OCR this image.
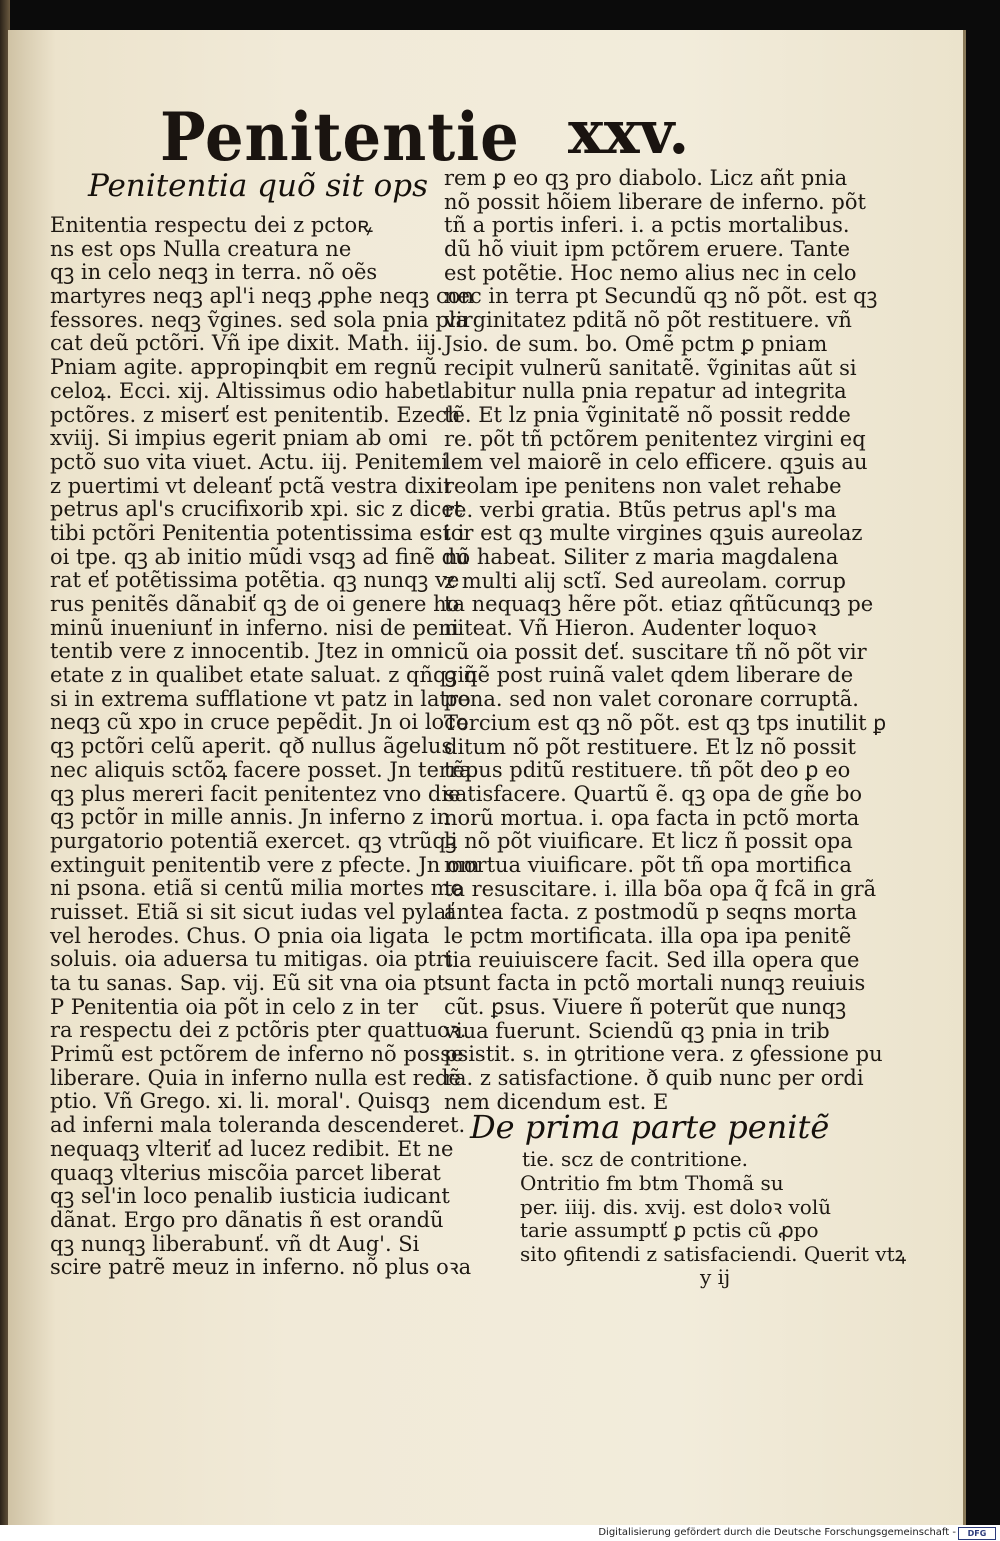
Penitentie xxv.
Penitentia quõ sit ops
Enitentia respectu dei z pctoꝶ
ns est ops Nulla creatura ne
qꝫ in celo neqꝫ in terra. nõ oẽs
martyres neqꝫ apl'i neqꝫ ꝓphe neqꝫ con
fessores. neqꝫ ṽgines. sed sola pnia pla
cat deũ pctõri. Vñ ipe dixit. Math. iij.
Pniam agite. appropinqbit em regnũ
celoꝝ. Ecci. xij. Altissimus odio habet
pctõres. z miserť est penitentib. Ezech
xviij. Si impius egerit pniam ab omi
pctõ suo vita viuet. Actu. iij. Penitemi
z puertimi vt deleanť pctã vestra dixit
petrus apl's crucifixorib xpi. sic z dicet
tibi pctõri Penitentia potentissima est i
oi tpe. qꝫ ab initio mũdi vsqꝫ ad finẽ du
rat eť potẽtissima potẽtia. qꝫ nunqꝫ ve
rus penitẽs dãnabiť qꝫ de oi genere ho
minũ inueniunť in inferno. nisi de peni
tentib vere z innocentib. Jtez in omni
etate z in qualibet etate saluat. z qñqꝫ q̃
si in extrema sufflatione vt patz in latro
neqꝫ cũ xpo in cruce pepẽdit. Jn oi loco
qꝫ pctõri celũ aperit. qð nullus ãgelus
nec aliquis sctõꝝ facere posset. Jn terra
qꝫ plus mereri facit penitentez vno die
qꝫ pctõr in mille annis. Jn inferno z in
purgatorio potentiã exercet. qꝫ vtrũqꝫ
extinguit penitentib vere z pfecte. Jn om
ni psona. etiã si centũ milia mortes me
ruisset. Etiã si sit sicut iudas vel pylať
vel herodes. Chus. O pnia oia ligata
soluis. oia aduersa tu mitigas. oia ptri
ta tu sanas. Sap. vij. Eũ sit vna oia pt
P Penitentia oia põt in celo z in ter
ra respectu dei z pctõris pter quattuoꝛ.
Primũ est pctõrem de inferno nõ posse
liberare. Quia in inferno nulla est redẽ
ptio. Vñ Grego. xi. li. moral'. Quisqꝫ
ad inferni mala toleranda descenderet.
nequaqꝫ vlteriť ad lucez redibit. Et ne
quaqꝫ vlterius miscõia parcet liberat
qꝫ sel'in loco penalib iusticia iudicant
dãnat. Ergo pro dãnatis ñ est orandũ
qꝫ nunqꝫ liberabunť. vñ dt Aug'. Si
scire patrẽ meuz in inferno. nõ plus oꝛa
rem ꝑ eo qꝫ pro diabolo. Licz añt pnia
nõ possit hõiem liberare de inferno. põt
tñ a portis inferi. i. a pctis mortalibus.
dũ hõ viuit ipm pctõrem eruere. Tante
est potẽtie. Hoc nemo alius nec in celo
nec in terra pt Secundũ qꝫ nõ põt. est qꝫ
virginitatez pditã nõ põt restituere. vñ
Jsio. de sum. bo. Omẽ pctm ꝑ pniam
recipit vulnerũ sanitatẽ. ṽginitas aũt si
labitur nulla pnia repatur ad integrita
tẽ. Et lz pnia ṽginitatẽ nõ possit redde
re. põt tñ pctõrem penitentez virgini eq
lem vel maiorẽ in celo efficere. qꝫuis au
reolam ipe penitens non valet rehabe
re. verbi gratia. Btũs petrus apl's ma
ior est qꝫ multe virgines qꝫuis aureolaz
nõ habeat. Siliter z maria magdalena
z multi alij sctĩ. Sed aureolam. corrup
ta nequaqꝫ hẽre põt. etiaz qñtũcunqꝫ pe
niteat. Vñ Hieron. Audenter loquoꝛ
cũ oia possit deť. suscitare tñ nõ põt vir
ginẽ post ruinã valet qdem liberare de
pena. sed non valet coronare corruptã.
Tercium est qꝫ nõ põt. est qꝫ tps inutilit ꝑ
ditum nõ põt restituere. Et lz nõ possit
tẽpus pditũ restituere. tñ põt deo ꝑ eo
satisfacere. Quartũ ẽ. qꝫ opa de gñe bo
norũ mortua. i. opa facta in pctõ morta
li nõ põt viuificare. Et licz ñ possit opa
mortua viuificare. põt tñ opa mortifica
ta resuscitare. i. illa bõa opa q̃ fcã in grã
antea facta. z postmodũ p seqns morta
le pctm mortificata. illa opa ipa penitẽ
tia reuiuiscere facit. Sed illa opera que
sunt facta in pctõ mortali nunqꝫ reuiuis
cũt. ꝑsus. Viuere ñ poterũt que nunqꝫ
viua fuerunt. Sciendũ qꝫ pnia in trib
psistit. s. in ꝯtritione vera. z ꝯfessione pu
ra. z satisfactione. ð quib nunc per ordi
nem dicendum est. E
De prima parte penitẽ
tie. scz de contritione.
Ontritio fm btm Thomã su
per. iiij. dis. xvij. est doloꝛ volũ
tarie assumptť ꝑ pctis cũ ꝓpo
sito ꝯfitendi z satisfaciendi. Querit vtꝝ
y ij
Digitalisierung gefördert durch die Deutsche Forschungsgemeinschaft -	DFG
